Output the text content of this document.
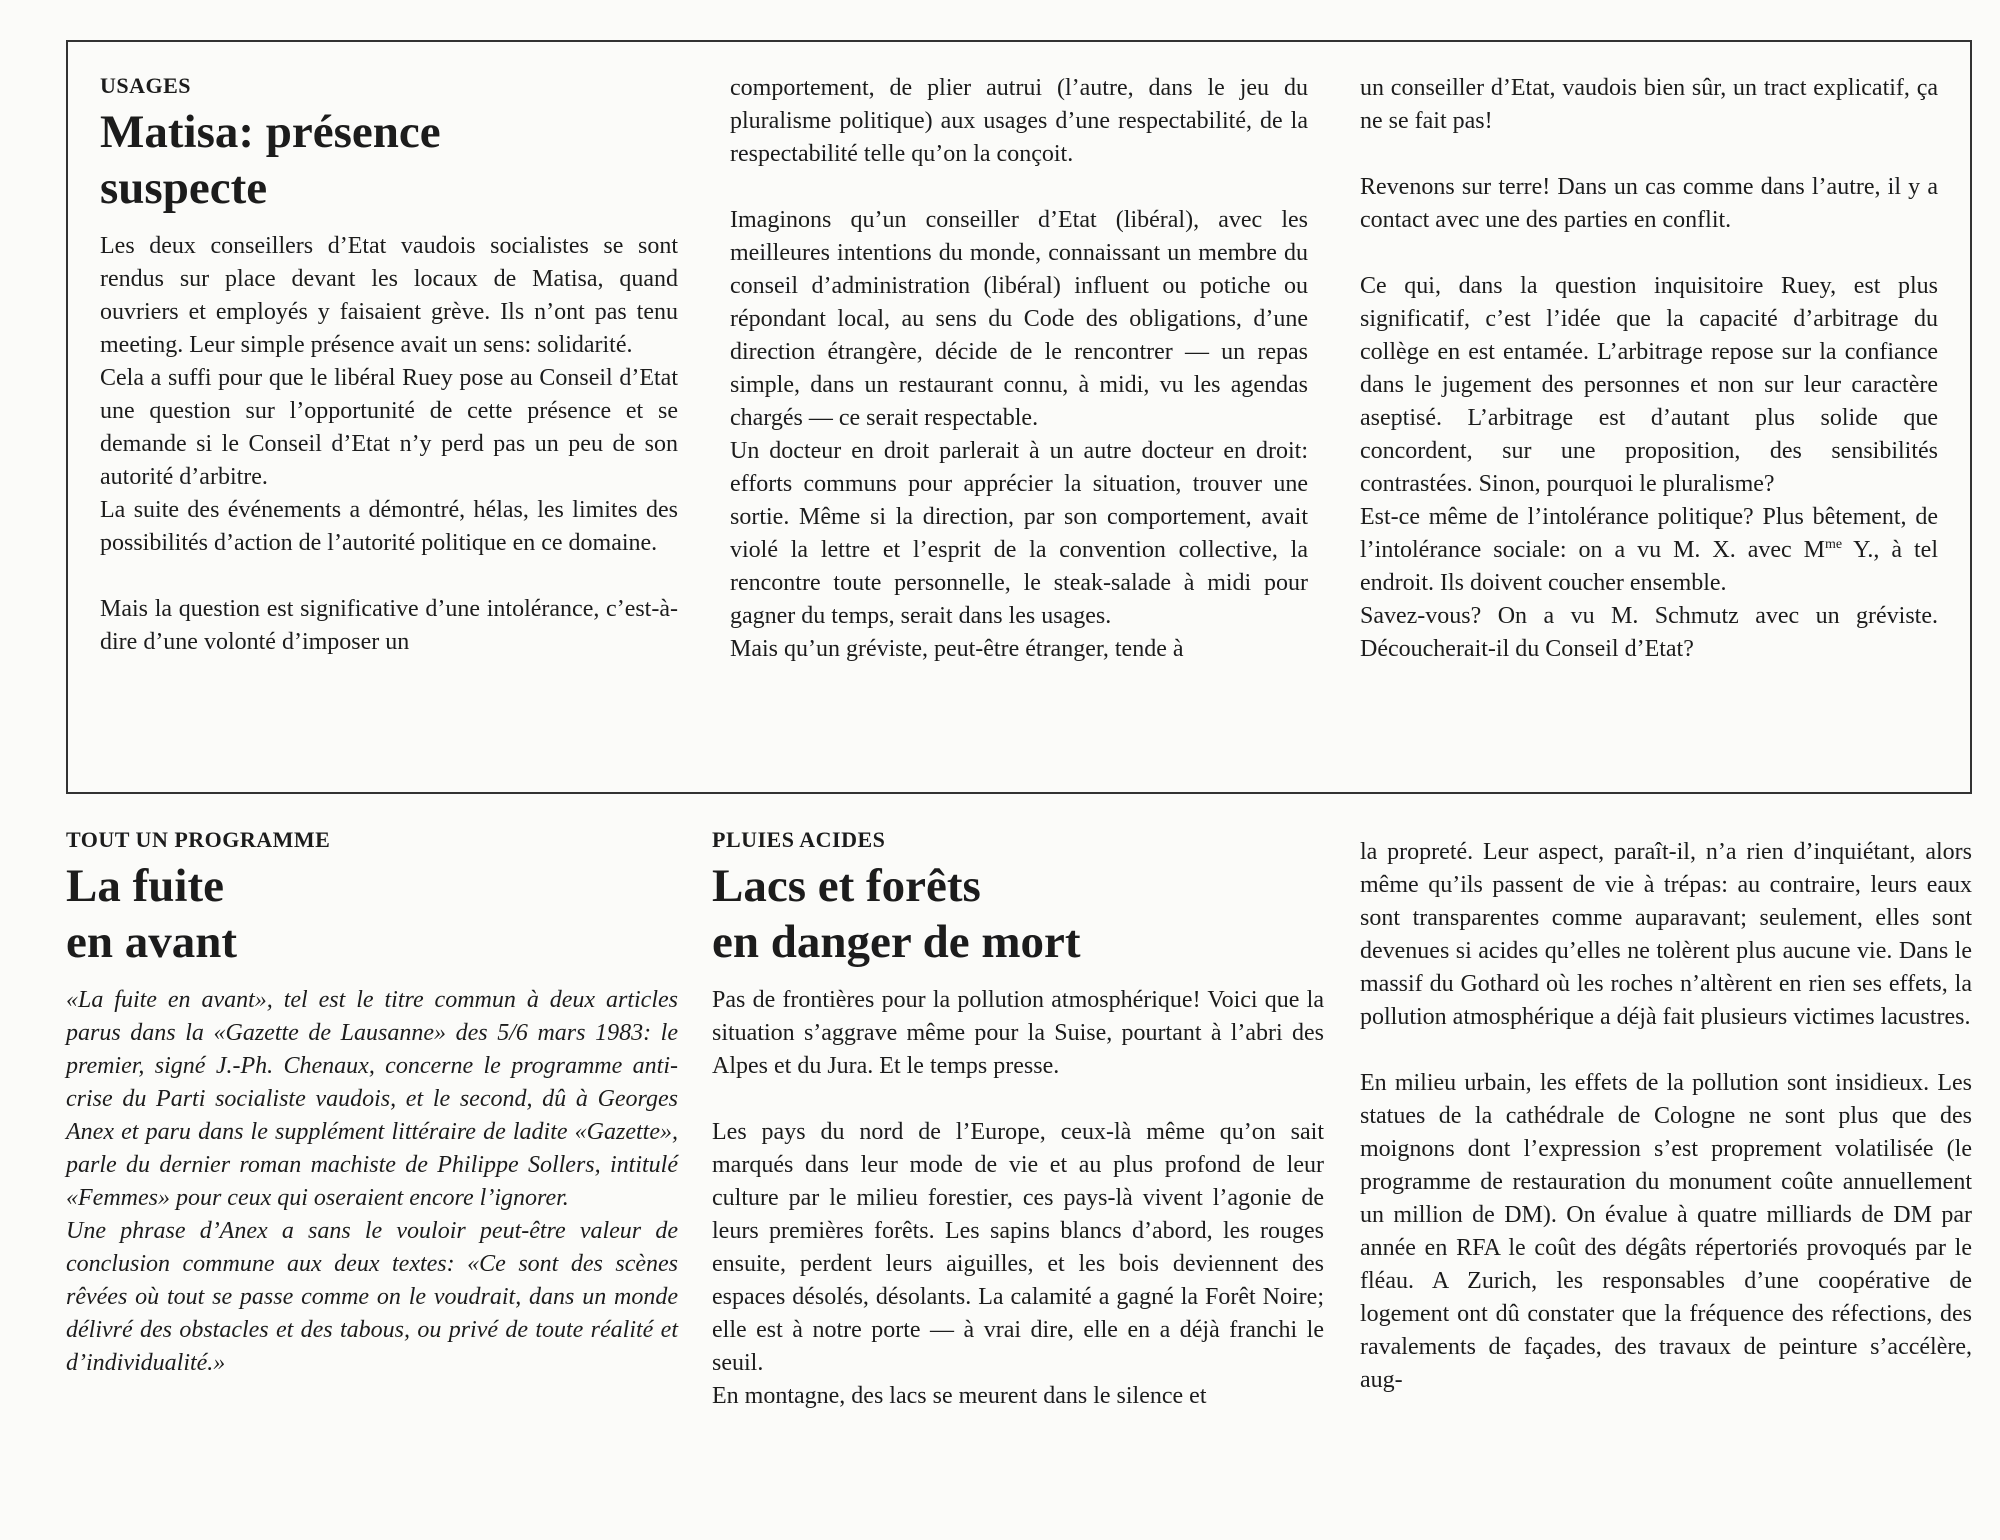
USAGES
Matisa: présence
suspecte

Les deux conseillers d’Etat vaudois socialistes se sont rendus sur place devant les locaux de Matisa, quand ouvriers et employés y faisaient grève. Ils n’ont pas tenu meeting. Leur simple présence avait un sens: solidarité.

Cela a suffi pour que le libéral Ruey pose au Conseil d’Etat une question sur l’opportunité de cette présence et se demande si le Conseil d’Etat n’y perd pas un peu de son autorité d’arbitre.

La suite des événements a démontré, hélas, les limites des possibilités d’action de l’autorité politique en ce domaine.

Mais la question est significative d’une intolérance, c’est-à-dire d’une volonté d’imposer un

comportement, de plier autrui (l’autre, dans le jeu du pluralisme politique) aux usages d’une respectabilité, de la respectabilité telle qu’on la conçoit.

Imaginons qu’un conseiller d’Etat (libéral), avec les meilleures intentions du monde, connaissant un membre du conseil d’administration (libéral) influent ou potiche ou répondant local, au sens du Code des obligations, d’une direction étrangère, décide de le rencontrer — un repas simple, dans un restaurant connu, à midi, vu les agendas chargés — ce serait respectable.

Un docteur en droit parlerait à un autre docteur en droit: efforts communs pour apprécier la situation, trouver une sortie. Même si la direction, par son comportement, avait violé la lettre et l’esprit de la convention collective, la rencontre toute personnelle, le steak-salade à midi pour gagner du temps, serait dans les usages.

Mais qu’un gréviste, peut-être étranger, tende à

un conseiller d’Etat, vaudois bien sûr, un tract explicatif, ça ne se fait pas!

Revenons sur terre! Dans un cas comme dans l’autre, il y a contact avec une des parties en conflit.

Ce qui, dans la question inquisitoire Ruey, est plus significatif, c’est l’idée que la capacité d’arbitrage du collège en est entamée. L’arbitrage repose sur la confiance dans le jugement des personnes et non sur leur caractère aseptisé. L’arbitrage est d’autant plus solide que concordent, sur une proposition, des sensibilités contrastées. Sinon, pourquoi le pluralisme?

Est-ce même de l’intolérance politique? Plus bêtement, de l’intolérance sociale: on a vu M. X. avec $M^{me}$ Y., à tel endroit. Ils doivent coucher ensemble.

Savez-vous? On a vu M. Schmutz avec un gréviste. Découcherait-il du Conseil d’Etat?

TOUT UN PROGRAMME
La fuite
en avant

«La fuite en avant», tel est le titre commun à deux articles parus dans la «Gazette de Lausanne» des 5/6 mars 1983: le premier, signé J.-Ph. Chenaux, concerne le programme anti-crise du Parti socialiste vaudois, et le second, dû à Georges Anex et paru dans le supplément littéraire de ladite «Gazette», parle du dernier roman machiste de Philippe Sollers, intitulé «Femmes» pour ceux qui oseraient encore l’ignorer.

Une phrase d’Anex a sans le vouloir peut-être valeur de conclusion commune aux deux textes: «Ce sont des scènes rêvées où tout se passe comme on le voudrait, dans un monde délivré des obstacles et des tabous, ou privé de toute réalité et d’individualité.»

PLUIES ACIDES
Lacs et forêts
en danger de mort

Pas de frontières pour la pollution atmosphérique! Voici que la situation s’aggrave même pour la Suise, pourtant à l’abri des Alpes et du Jura. Et le temps presse.

Les pays du nord de l’Europe, ceux-là même qu’on sait marqués dans leur mode de vie et au plus profond de leur culture par le milieu forestier, ces pays-là vivent l’agonie de leurs premières forêts. Les sapins blancs d’abord, les rouges ensuite, perdent leurs aiguilles, et les bois deviennent des espaces désolés, désolants. La calamité a gagné la Forêt Noire; elle est à notre porte — à vrai dire, elle en a déjà franchi le seuil.

En montagne, des lacs se meurent dans le silence et

la propreté. Leur aspect, paraît-il, n’a rien d’inquiétant, alors même qu’ils passent de vie à trépas: au contraire, leurs eaux sont transparentes comme auparavant; seulement, elles sont devenues si acides qu’elles ne tolèrent plus aucune vie. Dans le massif du Gothard où les roches n’altèrent en rien ses effets, la pollution atmosphérique a déjà fait plusieurs victimes lacustres.

En milieu urbain, les effets de la pollution sont insidieux. Les statues de la cathédrale de Cologne ne sont plus que des moignons dont l’expression s’est proprement volatilisée (le programme de restauration du monument coûte annuellement un million de DM). On évalue à quatre milliards de DM par année en RFA le coût des dégâts répertoriés provoqués par le fléau. A Zurich, les responsables d’une coopérative de logement ont dû constater que la fréquence des réfections, des ravalements de façades, des travaux de peinture s’accélère, aug-
